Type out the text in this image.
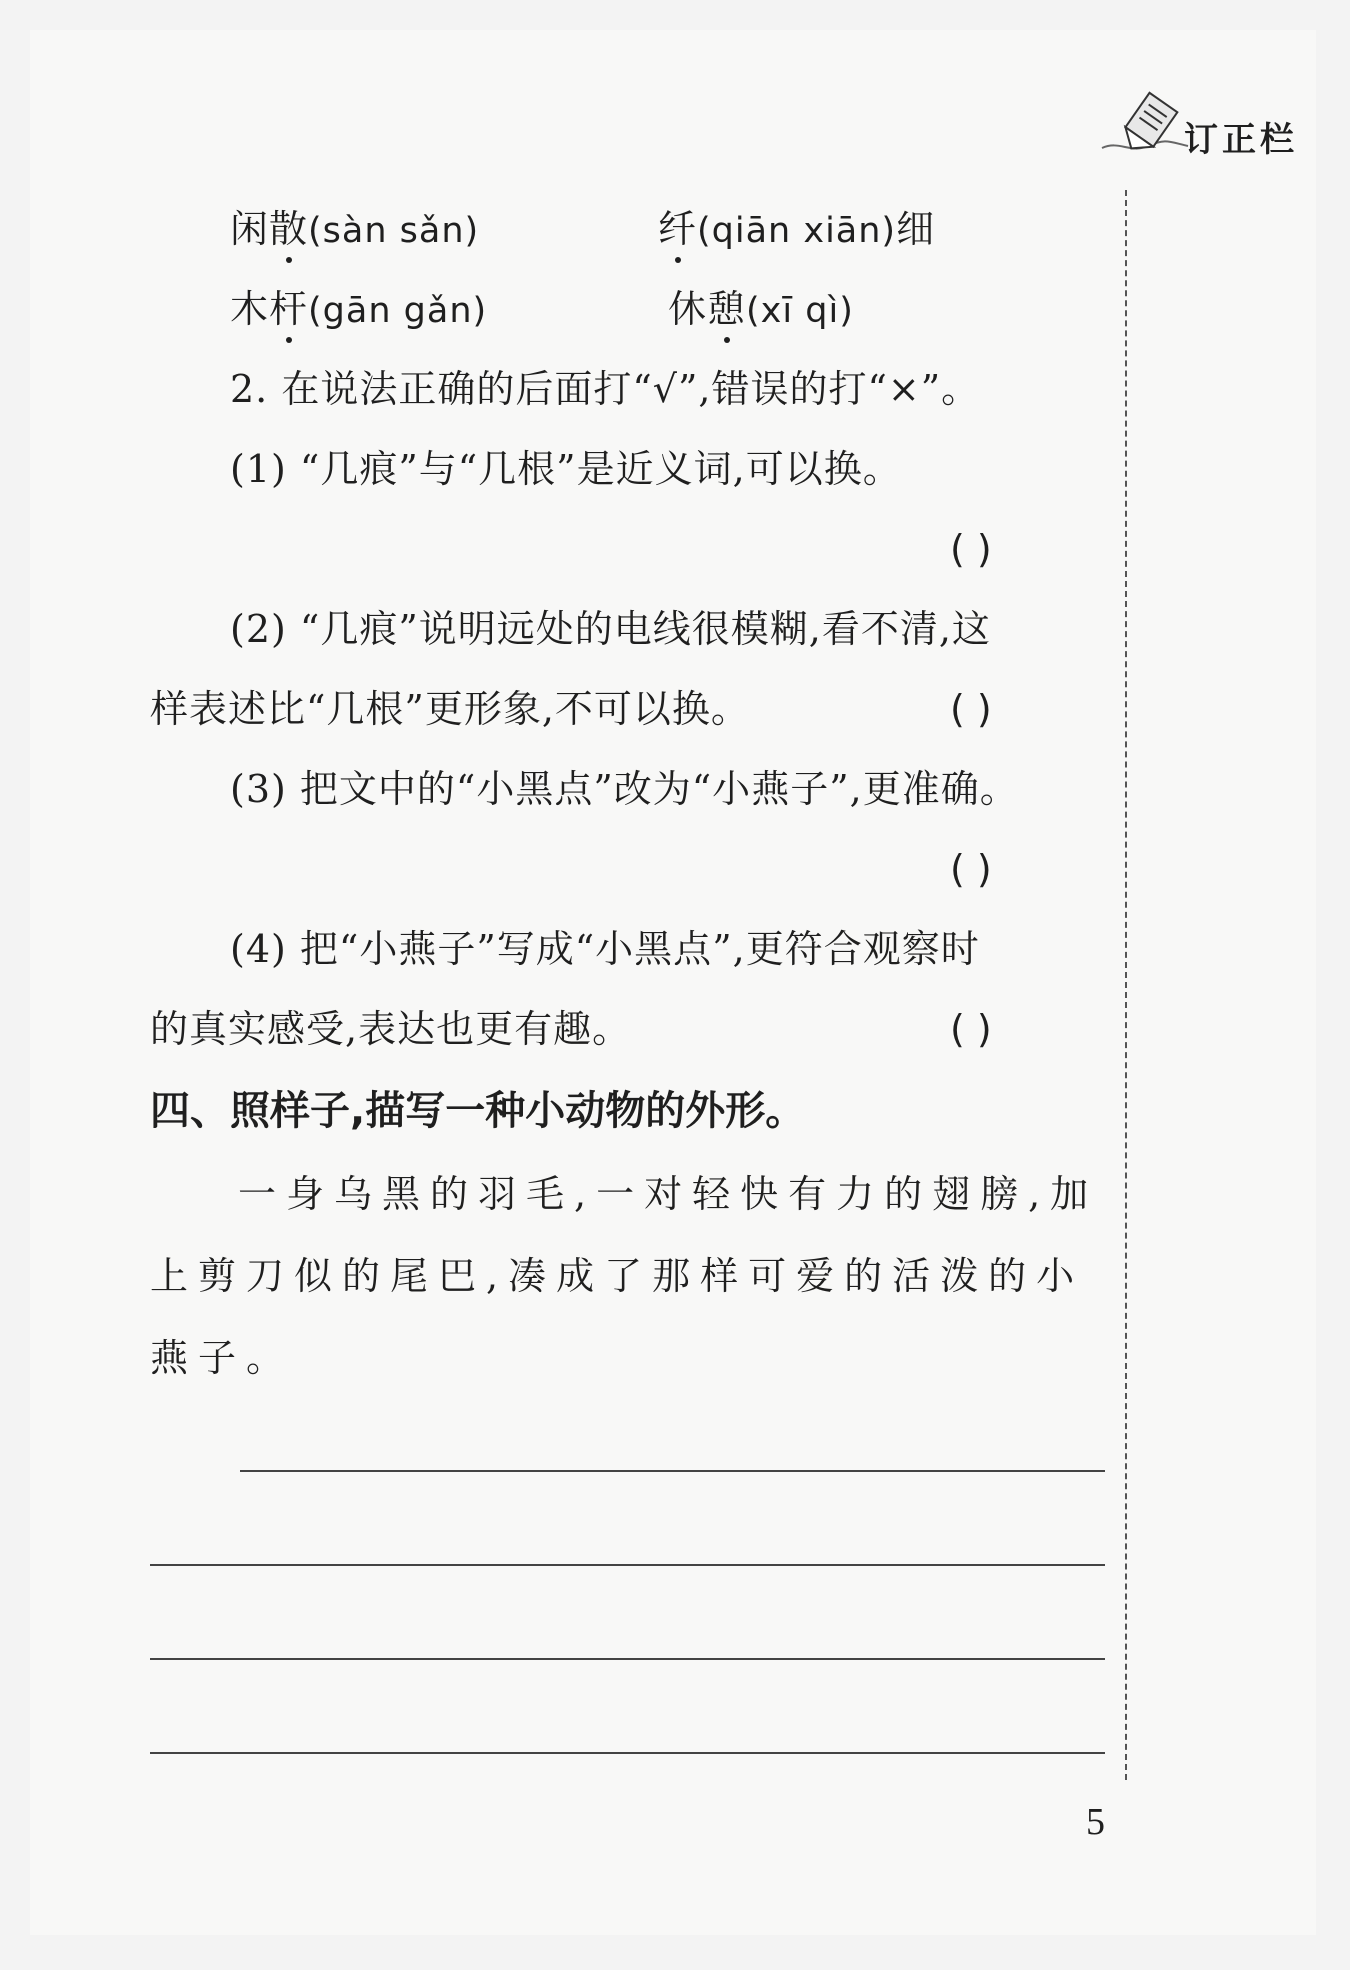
订正栏
闲散(sàn sǎn)	纤(qiān xiān)细
木杆(gān gǎn)	休憩(xī qì)
2. 在说法正确的后面打“√”,错误的打“×”。
(1) “几痕”与“几根”是近义词,可以换。
( )
(2) “几痕”说明远处的电线很模糊,看不清,这
样表述比“几根”更形象,不可以换。	( )
(3) 把文中的“小黑点”改为“小燕子”,更准确。
( )
(4) 把“小燕子”写成“小黑点”,更符合观察时
的真实感受,表达也更有趣。	( )
四、照样子,描写一种小动物的外形。
一身乌黑的羽毛,一对轻快有力的翅膀,加
上剪刀似的尾巴,凑成了那样可爱的活泼的小
燕子。
5
